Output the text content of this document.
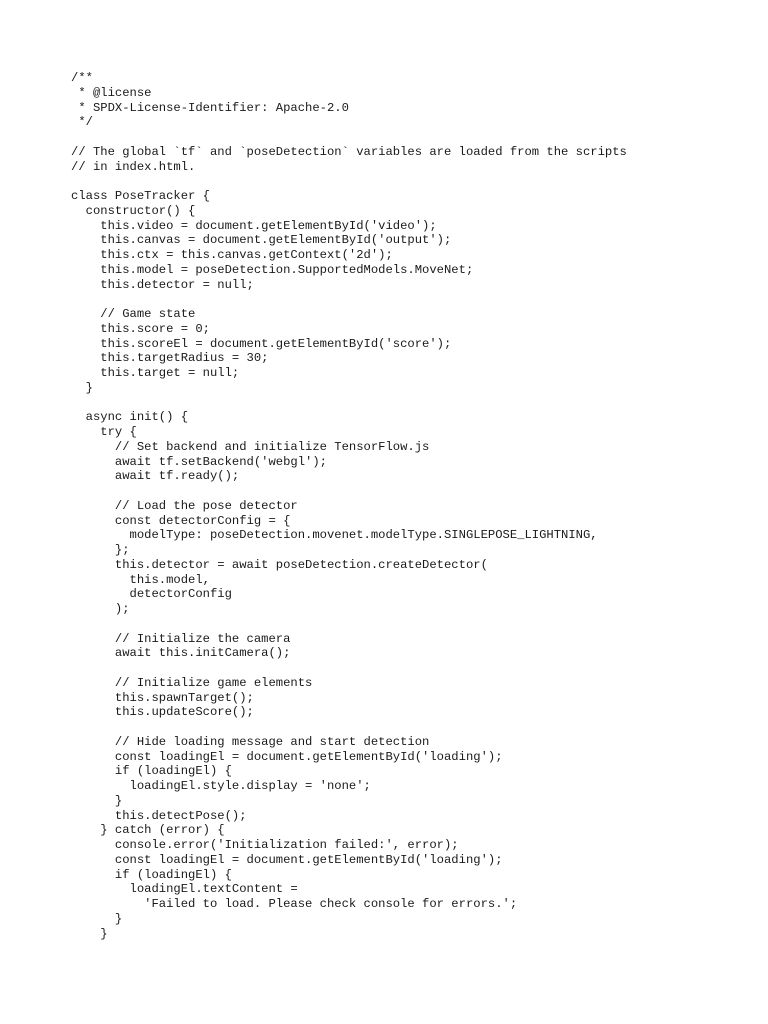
/**
* @license
* SPDX-License-Identifier: Apache-2.0
*/
// The global `tf` and `poseDetection` variables are loaded from the scripts
// in index.html.
class PoseTracker {
constructor() {
this.video = document.getElementById('video');
this.canvas = document.getElementById('output');
this.ctx = this.canvas.getContext('2d');
this.model = poseDetection.SupportedModels.MoveNet;
this.detector = null;
// Game state
this.score = 0;
this.scoreEl = document.getElementById('score');
this.targetRadius = 30;
this.target = null;
}
async init() {
try {
// Set backend and initialize TensorFlow.js
await tf.setBackend('webgl');
await tf.ready();
// Load the pose detector
const detectorConfig = {
modelType: poseDetection.movenet.modelType.SINGLEPOSE_LIGHTNING,
};
this.detector = await poseDetection.createDetector(
this.model,
detectorConfig
);
// Initialize the camera
await this.initCamera();
// Initialize game elements
this.spawnTarget();
this.updateScore();
// Hide loading message and start detection
const loadingEl = document.getElementById('loading');
if (loadingEl) {
loadingEl.style.display = 'none';
}
this.detectPose();
} catch (error) {
console.error('Initialization failed:', error);
const loadingEl = document.getElementById('loading');
if (loadingEl) {
loadingEl.textContent =
'Failed to load. Please check console for errors.';
}
}
